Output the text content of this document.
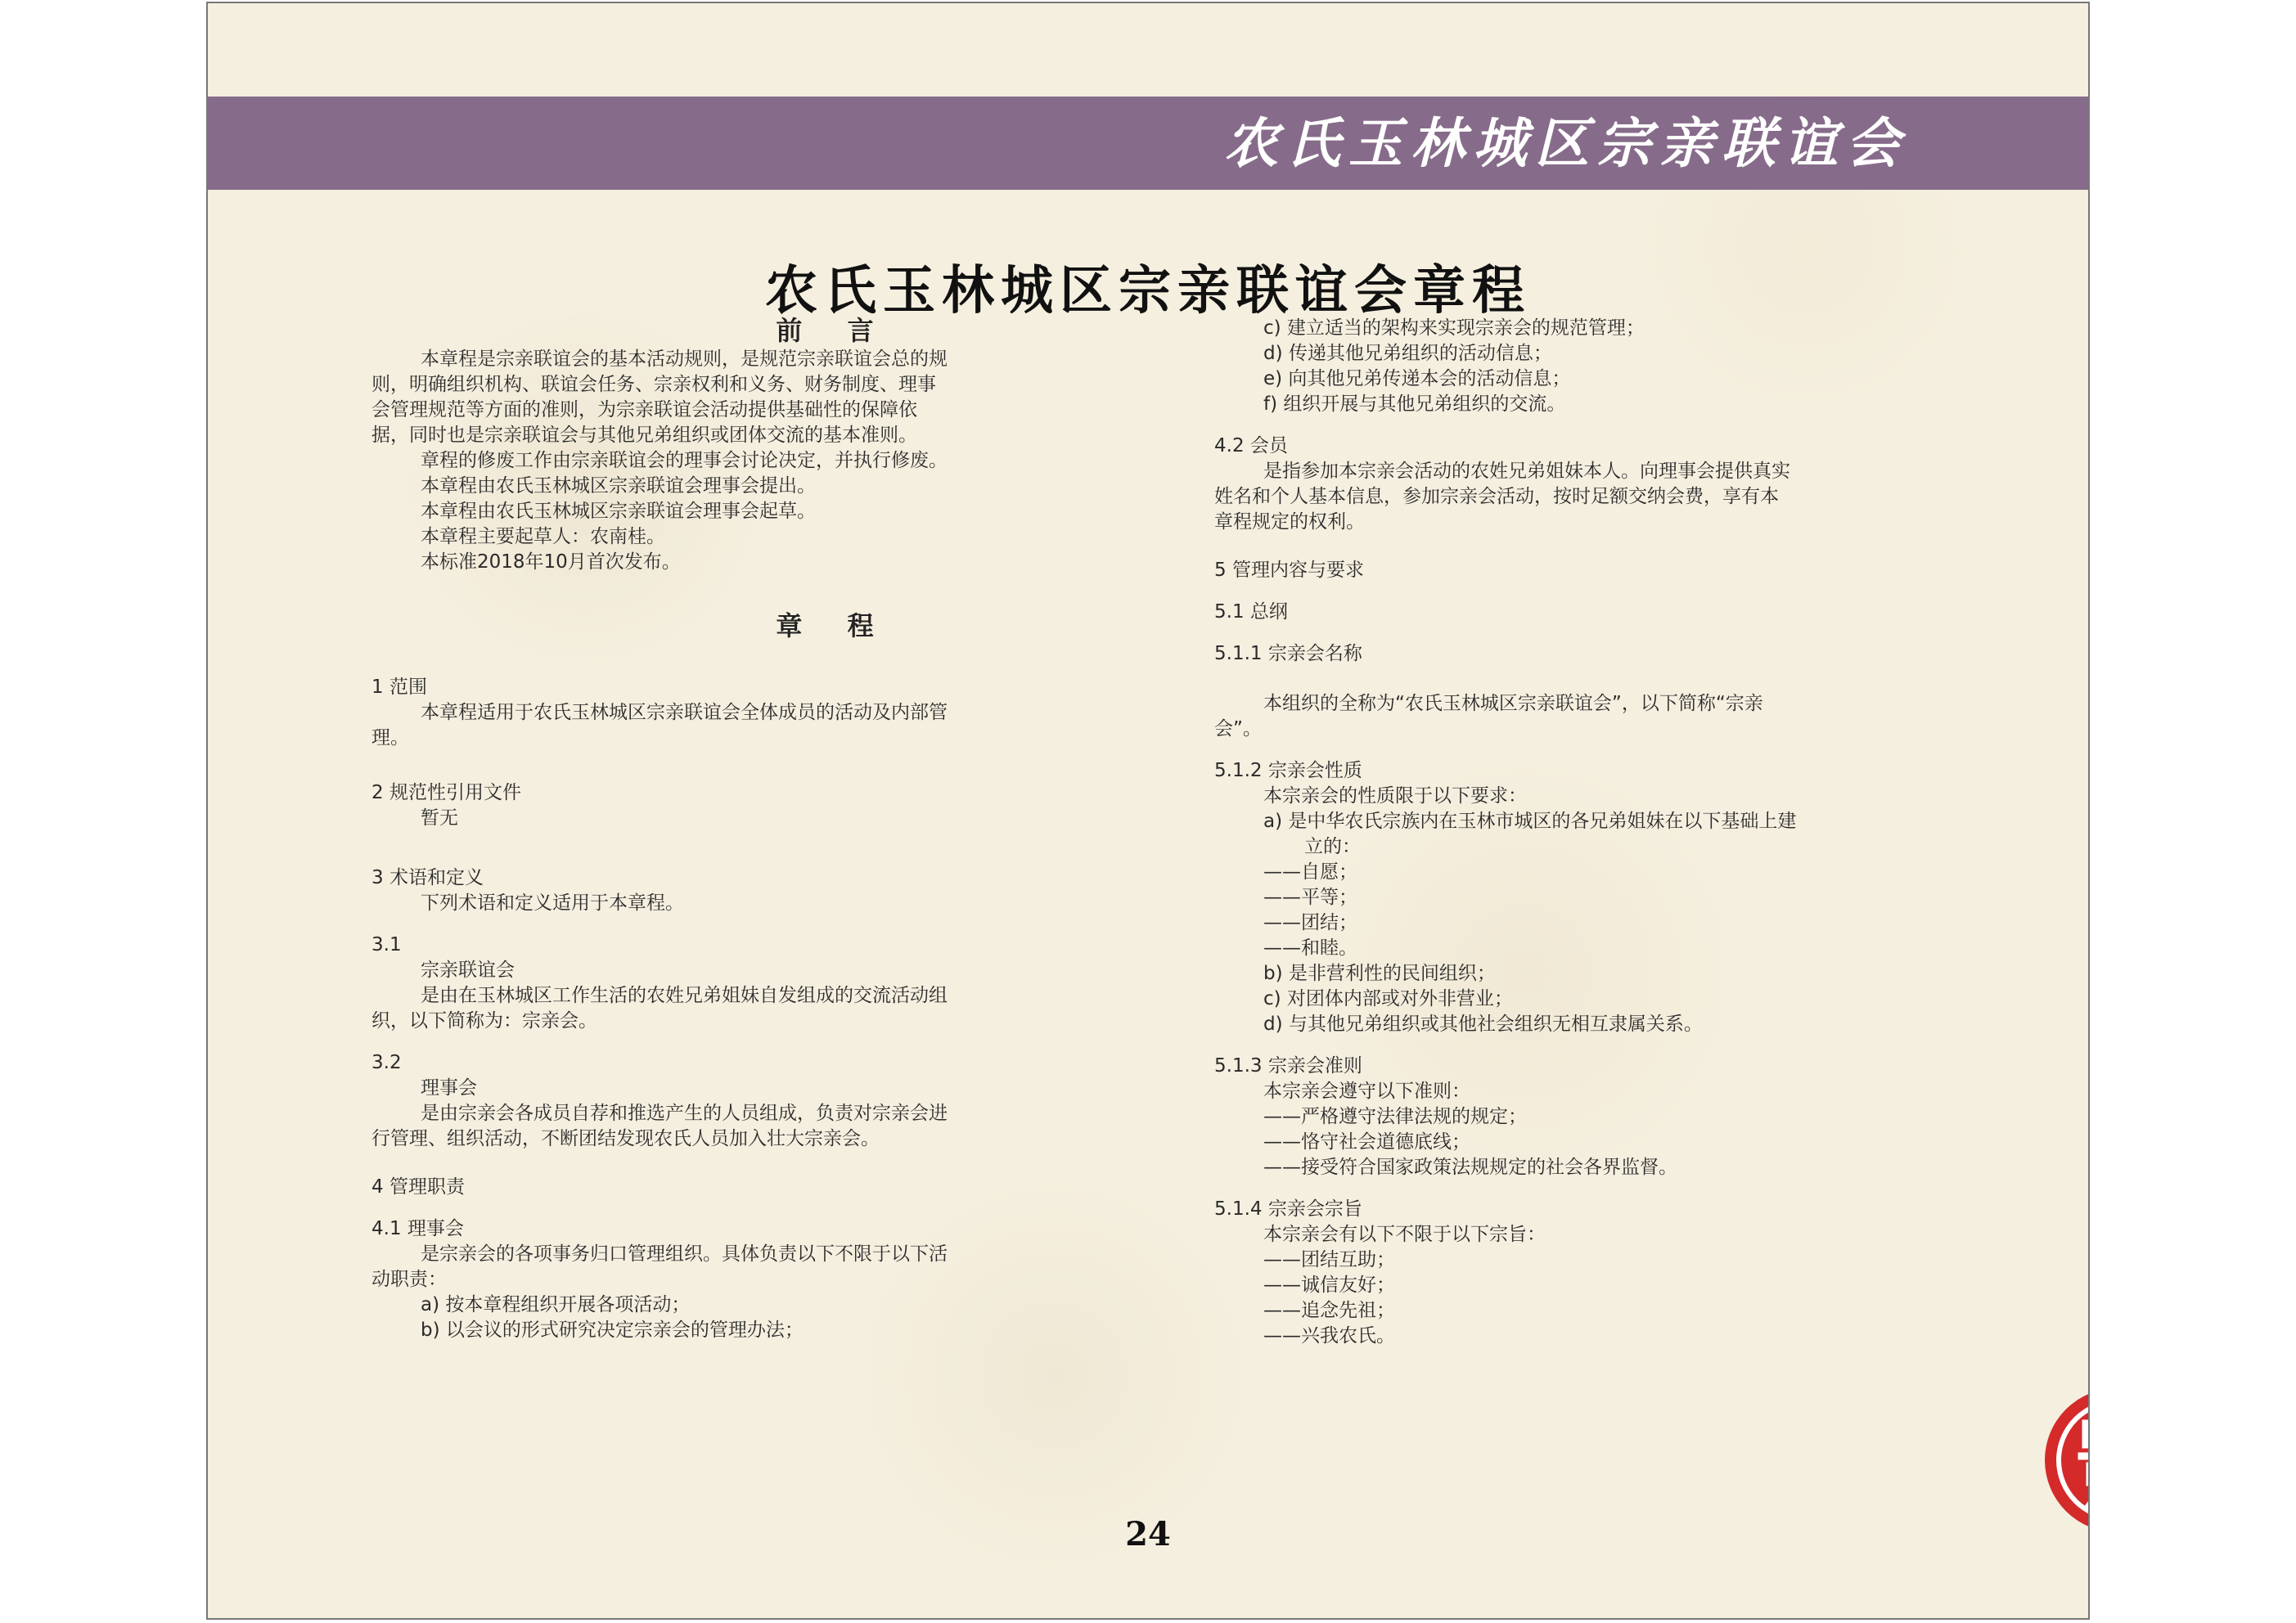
农氏玉林城区宗亲联谊会
农氏玉林城区宗亲联谊会章程

前 言

本章程是宗亲联谊会的基本活动规则，是规范宗亲联谊会总的规

则，明确组织机构、联谊会任务、宗亲权利和义务、财务制度、理事

会管理规范等方面的准则，为宗亲联谊会活动提供基础性的保障依

据，同时也是宗亲联谊会与其他兄弟组织或团体交流的基本准则。

章程的修废工作由宗亲联谊会的理事会讨论决定，并执行修废。

本章程由农氏玉林城区宗亲联谊会理事会提出。

本章程由农氏玉林城区宗亲联谊会理事会起草。

本章程主要起草人：农南桂。

本标准2018年10月首次发布。

章 程

1 范围

本章程适用于农氏玉林城区宗亲联谊会全体成员的活动及内部管

理。

2 规范性引用文件

暂无

3 术语和定义

下列术语和定义适用于本章程。

3.1

宗亲联谊会

是由在玉林城区工作生活的农姓兄弟姐妹自发组成的交流活动组

织，以下简称为：宗亲会。

3.2

理事会

是由宗亲会各成员自荐和推选产生的人员组成，负责对宗亲会进

行管理、组织活动，不断团结发现农氏人员加入壮大宗亲会。

4 管理职责

4.1 理事会

是宗亲会的各项事务归口管理组织。具体负责以下不限于以下活

动职责：

a) 按本章程组织开展各项活动；

b) 以会议的形式研究决定宗亲会的管理办法；

c) 建立适当的架构来实现宗亲会的规范管理；

d) 传递其他兄弟组织的活动信息；

e) 向其他兄弟传递本会的活动信息；

f) 组织开展与其他兄弟组织的交流。

4.2 会员

是指参加本宗亲会活动的农姓兄弟姐妹本人。向理事会提供真实

姓名和个人基本信息，参加宗亲会活动，按时足额交纳会费，享有本

章程规定的权利。

5 管理内容与要求

5.1 总纲

5.1.1 宗亲会名称

本组织的全称为“农氏玉林城区宗亲联谊会”，以下简称“宗亲

会”。

5.1.2 宗亲会性质

本宗亲会的性质限于以下要求：

a) 是中华农氏宗族内在玉林市城区的各兄弟姐妹在以下基础上建

立的：

——自愿；

——平等；

——团结；

——和睦。

b) 是非营利性的民间组织；

c) 对团体内部或对外非营业；

d) 与其他兄弟组织或其他社会组织无相互隶属关系。

5.1.3 宗亲会准则

本宗亲会遵守以下准则：

——严格遵守法律法规的规定；

——恪守社会道德底线；

——接受符合国家政策法规规定的社会各界监督。

5.1.4 宗亲会宗旨

本宗亲会有以下不限于以下宗旨：

——团结互助；

——诚信友好；

——追念先祖；

——兴我农氏。

24
